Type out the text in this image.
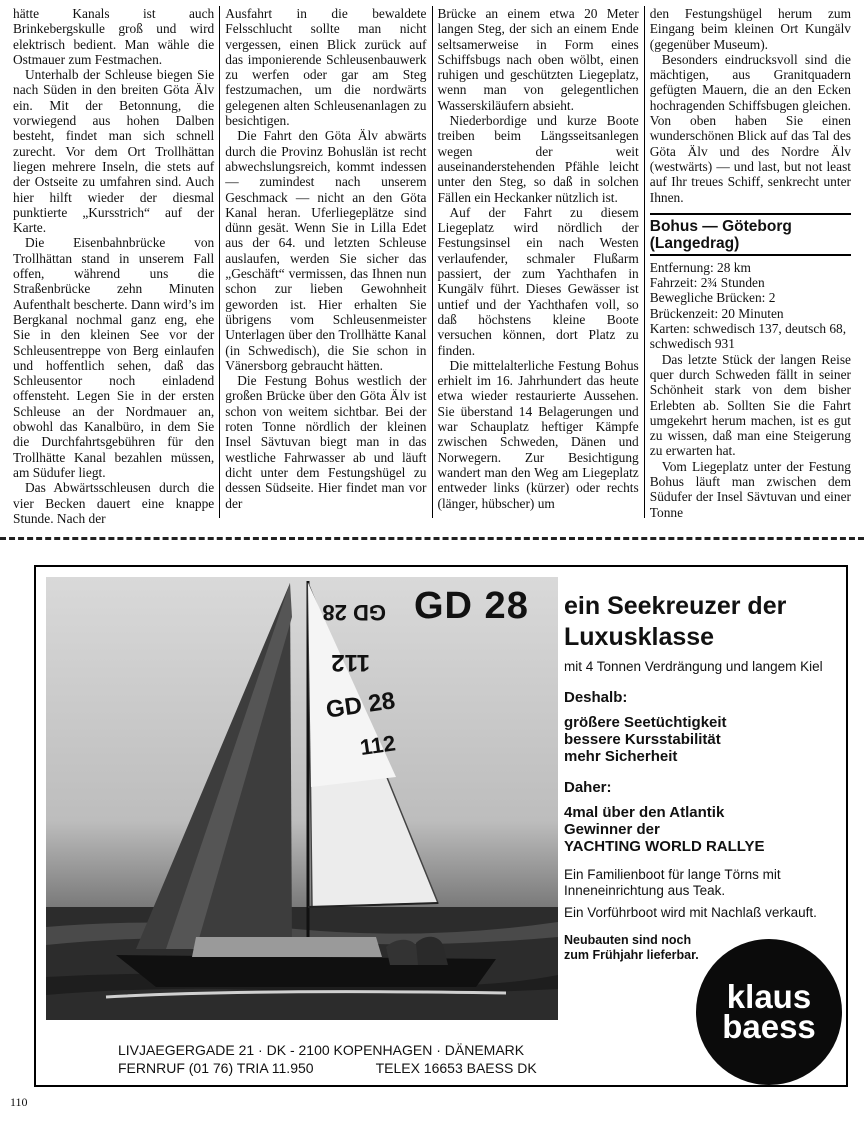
hätte Kanals ist auch Brinkebergskulle groß und wird elektrisch bedient. Man wähle die Ostmauer zum Festmachen.

Unterhalb der Schleuse biegen Sie nach Süden in den breiten Göta Älv ein. Mit der Betonnung, die vorwiegend aus hohen Dalben besteht, findet man sich schnell zurecht. Vor dem Ort Trollhättan liegen mehrere Inseln, die stets auf der Ostseite zu umfahren sind. Auch hier hilft wieder der diesmal punktierte „Kursstrich“ auf der Karte.

Die Eisenbahnbrücke von Trollhättan stand in unserem Fall offen, während uns die Straßenbrücke zehn Minuten Aufenthalt bescherte. Dann wird’s im Bergkanal nochmal ganz eng, ehe Sie in den kleinen See vor der Schleusentreppe von Berg einlaufen und hoffentlich sehen, daß das Schleusentor noch einladend offensteht. Legen Sie in der ersten Schleuse an der Nordmauer an, obwohl das Kanalbüro, in dem Sie die Durchfahrtsgebühren für den Trollhätte Kanal bezahlen müssen, am Südufer liegt.

Das Abwärtsschleusen durch die vier Becken dauert eine knappe Stunde. Nach der

Ausfahrt in die bewaldete Felsschlucht sollte man nicht vergessen, einen Blick zurück auf das imponierende Schleusenbauwerk zu werfen oder gar am Steg festzumachen, um die nordwärts gelegenen alten Schleusenanlagen zu besichtigen.

Die Fahrt den Göta Älv abwärts durch die Provinz Bohuslän ist recht abwechslungsreich, kommt indessen — zumindest nach unserem Geschmack — nicht an den Göta Kanal heran. Uferliegeplätze sind dünn gesät. Wenn Sie in Lilla Edet aus der 64. und letzten Schleuse auslaufen, werden Sie sicher das „Geschäft“ vermissen, das Ihnen nun schon zur lieben Gewohnheit geworden ist. Hier erhalten Sie übrigens vom Schleusenmeister Unterlagen über den Trollhätte Kanal (in Schwedisch), die Sie schon in Vänersborg gebraucht hätten.

Die Festung Bohus westlich der großen Brücke über den Göta Älv ist schon von weitem sichtbar. Bei der roten Tonne nördlich der kleinen Insel Sävtuvan biegt man in das westliche Fahrwasser ab und läuft dicht unter dem Festungshügel zu dessen Südseite. Hier findet man vor der

Brücke an einem etwa 20 Meter langen Steg, der sich an einem Ende seltsamerweise in Form eines Schiffsbugs nach oben wölbt, einen ruhigen und geschützten Liegeplatz, wenn man von gelegentlichen Wasserskiläufern absieht.

Niederbordige und kurze Boote treiben beim Längsseitsanlegen wegen der weit auseinanderstehenden Pfähle leicht unter den Steg, so daß in solchen Fällen ein Heckanker nützlich ist.

Auf der Fahrt zu diesem Liegeplatz wird nördlich der Festungsinsel ein nach Westen verlaufender, schmaler Flußarm passiert, der zum Yachthafen in Kungälv führt. Dieses Gewässer ist untief und der Yachthafen voll, so daß höchstens kleine Boote versuchen können, dort Platz zu finden.

Die mittelalterliche Festung Bohus erhielt im 16. Jahrhundert das heute etwa wieder restaurierte Aussehen. Sie überstand 14 Belagerungen und war Schauplatz heftiger Kämpfe zwischen Schweden, Dänen und Norwegern. Zur Besichtigung wandert man den Weg am Liegeplatz entweder links (kürzer) oder rechts (länger, hübscher) um

den Festungshügel herum zum Eingang beim kleinen Ort Kungälv (gegenüber Museum).

Besonders eindrucksvoll sind die mächtigen, aus Granitquadern gefügten Mauern, die an den Ecken hochragenden Schiffsbugen gleichen. Von oben haben Sie einen wunderschönen Blick auf das Tal des Göta Älv und des Nordre Älv (westwärts) — und last, but not least auf Ihr treues Schiff, senkrecht unter Ihnen.

Bohus — Göteborg (Langedrag)

Entfernung: 28 km

Fahrzeit: 2¾ Stunden

Bewegliche Brücken: 2

Brückenzeit: 20 Minuten

Karten: schwedisch 137, deutsch 68, schwedisch 931

Das letzte Stück der langen Reise quer durch Schweden fällt in seiner Schönheit stark von dem bisher Erlebten ab. Sollten Sie die Fahrt umgekehrt herum machen, ist es gut zu wissen, daß man eine Steigerung zu erwarten hat.

Vom Liegeplatz unter der Festung Bohus läuft man zwischen dem Südufer der Insel Sävtuvan und einer Tonne

GD 28
112
GD 28
112
GD 28 ein Seekreuzer der Luxusklasse

mit 4 Tonnen Verdrängung und langem Kiel

Deshalb:

größere Seetüchtigkeit

bessere Kursstabilität

mehr Sicherheit

Daher:

4mal über den Atlantik

Gewinner der

YACHTING WORLD RALLYE

Ein Familienboot für lange Törns mit Inneneinrichtung aus Teak.

Ein Vorführboot wird mit Nachlaß verkauft.

Neubauten sind noch zum Frühjahr lieferbar.

klaus
baess
LIVJAEGERGADE 21 · DK - 2100 KOPENHAGEN · DÄNEMARK
FERNRUF (01 76) TRIA 11.950	TELEX 16653 BAESS DK
110
